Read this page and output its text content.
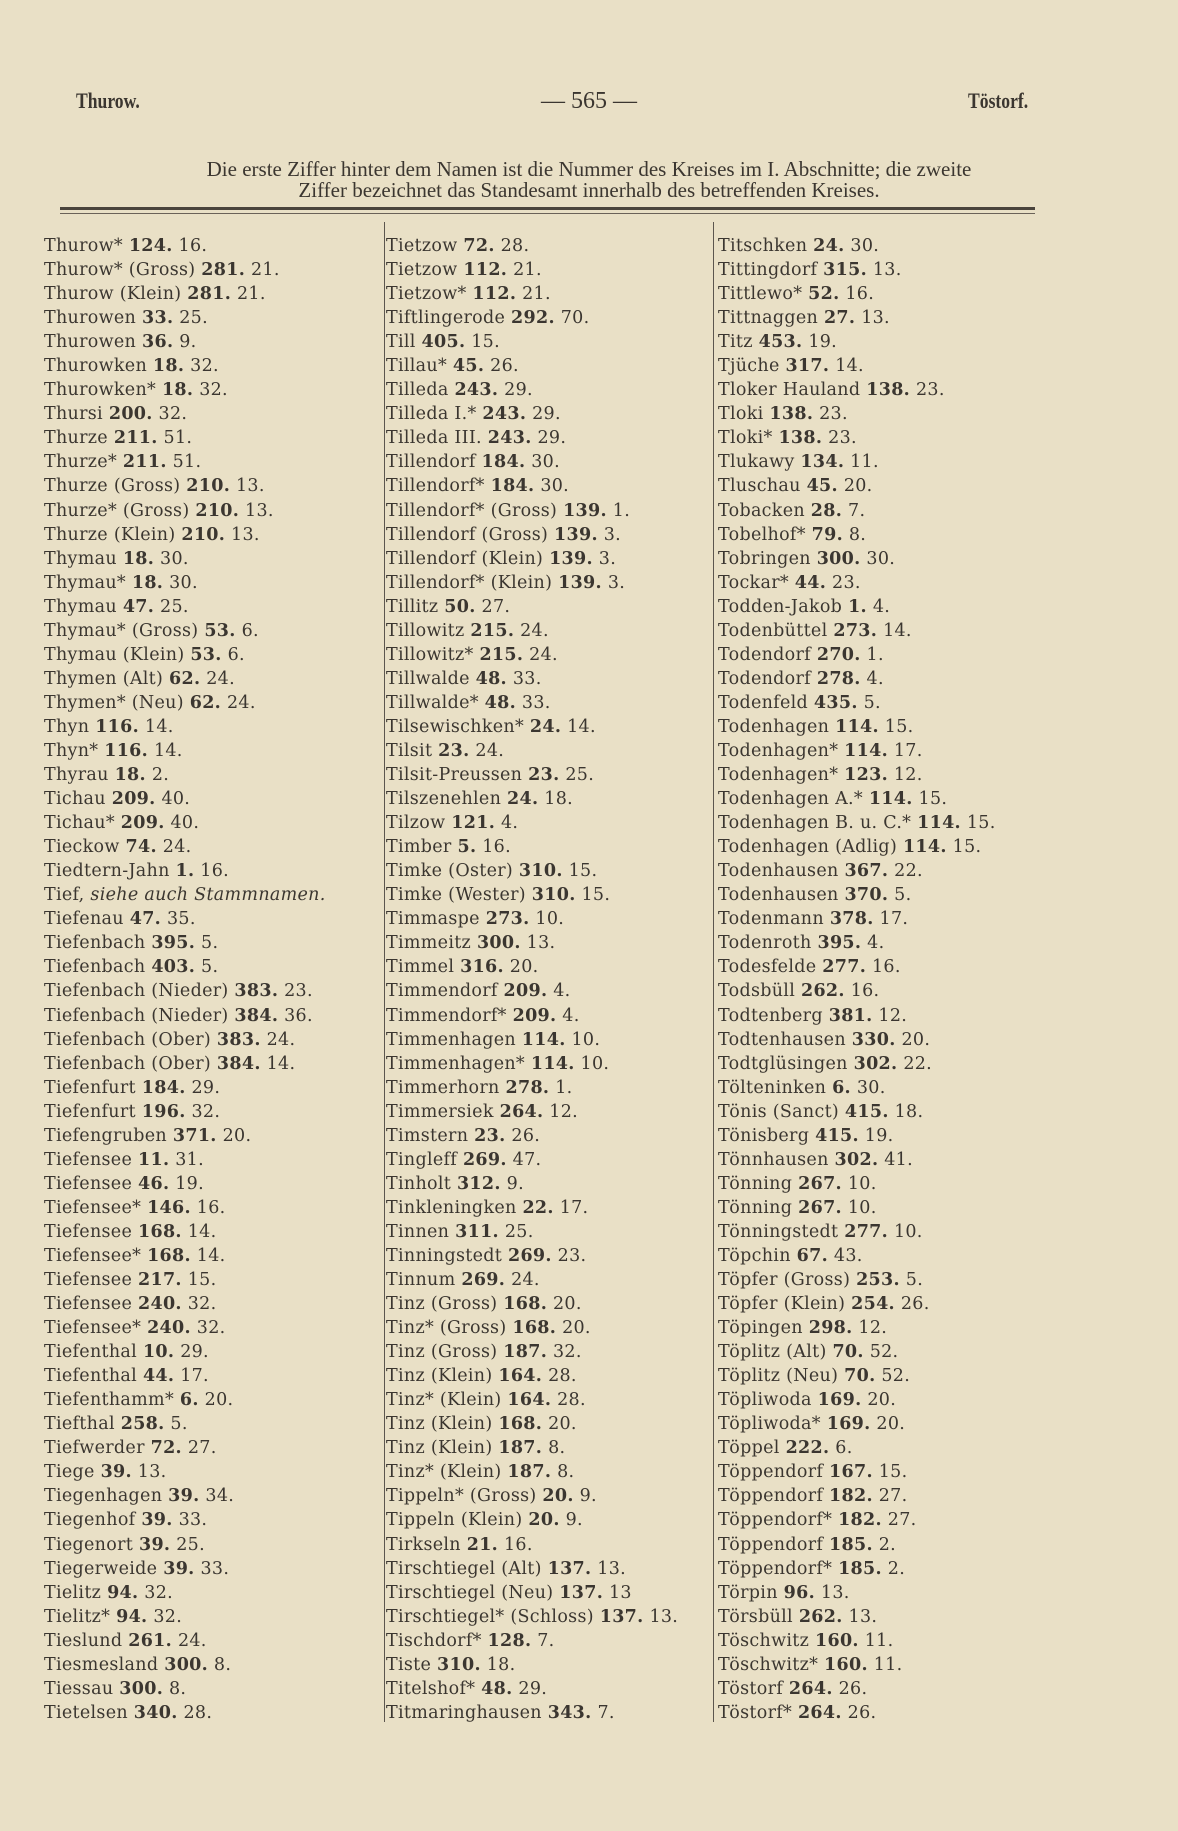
Thurow.	— 565 —	Töstorf.
Die erste Ziffer hinter dem Namen ist die Nummer des Kreises im I. Abschnitte; die zweite
Ziffer bezeichnet das Standesamt innerhalb des betreffenden Kreises.
Thurow* 124. 16.
Thurow* (Gross) 281. 21.
Thurow (Klein) 281. 21.
Thurowen 33. 25.
Thurowen 36. 9.
Thurowken 18. 32.
Thurowken* 18. 32.
Thursi 200. 32.
Thurze 211. 51.
Thurze* 211. 51.
Thurze (Gross) 210. 13.
Thurze* (Gross) 210. 13.
Thurze (Klein) 210. 13.
Thymau 18. 30.
Thymau* 18. 30.
Thymau 47. 25.
Thymau* (Gross) 53. 6.
Thymau (Klein) 53. 6.
Thymen (Alt) 62. 24.
Thymen* (Neu) 62. 24.
Thyn 116. 14.
Thyn* 116. 14.
Thyrau 18. 2.
Tichau 209. 40.
Tichau* 209. 40.
Tieckow 74. 24.
Tiedtern-Jahn 1. 16.
Tief, siehe auch Stammnamen.
Tiefenau 47. 35.
Tiefenbach 395. 5.
Tiefenbach 403. 5.
Tiefenbach (Nieder) 383. 23.
Tiefenbach (Nieder) 384. 36.
Tiefenbach (Ober) 383. 24.
Tiefenbach (Ober) 384. 14.
Tiefenfurt 184. 29.
Tiefenfurt 196. 32.
Tiefengruben 371. 20.
Tiefensee 11. 31.
Tiefensee 46. 19.
Tiefensee* 146. 16.
Tiefensee 168. 14.
Tiefensee* 168. 14.
Tiefensee 217. 15.
Tiefensee 240. 32.
Tiefensee* 240. 32.
Tiefenthal 10. 29.
Tiefenthal 44. 17.
Tiefenthamm* 6. 20.
Tiefthal 258. 5.
Tiefwerder 72. 27.
Tiege 39. 13.
Tiegenhagen 39. 34.
Tiegenhof 39. 33.
Tiegenort 39. 25.
Tiegerweide 39. 33.
Tielitz 94. 32.
Tielitz* 94. 32.
Tieslund 261. 24.
Tiesmesland 300. 8.
Tiessau 300. 8.
Tietelsen 340. 28.
Tietzow 72. 28.
Tietzow 112. 21.
Tietzow* 112. 21.
Tiftlingerode 292. 70.
Till 405. 15.
Tillau* 45. 26.
Tilleda 243. 29.
Tilleda I.* 243. 29.
Tilleda III. 243. 29.
Tillendorf 184. 30.
Tillendorf* 184. 30.
Tillendorf* (Gross) 139. 1.
Tillendorf (Gross) 139. 3.
Tillendorf (Klein) 139. 3.
Tillendorf* (Klein) 139. 3.
Tillitz 50. 27.
Tillowitz 215. 24.
Tillowitz* 215. 24.
Tillwalde 48. 33.
Tillwalde* 48. 33.
Tilsewischken* 24. 14.
Tilsit 23. 24.
Tilsit-Preussen 23. 25.
Tilszenehlen 24. 18.
Tilzow 121. 4.
Timber 5. 16.
Timke (Oster) 310. 15.
Timke (Wester) 310. 15.
Timmaspe 273. 10.
Timmeitz 300. 13.
Timmel 316. 20.
Timmendorf 209. 4.
Timmendorf* 209. 4.
Timmenhagen 114. 10.
Timmenhagen* 114. 10.
Timmerhorn 278. 1.
Timmersiek 264. 12.
Timstern 23. 26.
Tingleff 269. 47.
Tinholt 312. 9.
Tinkleningken 22. 17.
Tinnen 311. 25.
Tinningstedt 269. 23.
Tinnum 269. 24.
Tinz (Gross) 168. 20.
Tinz* (Gross) 168. 20.
Tinz (Gross) 187. 32.
Tinz (Klein) 164. 28.
Tinz* (Klein) 164. 28.
Tinz (Klein) 168. 20.
Tinz (Klein) 187. 8.
Tinz* (Klein) 187. 8.
Tippeln* (Gross) 20. 9.
Tippeln (Klein) 20. 9.
Tirkseln 21. 16.
Tirschtiegel (Alt) 137. 13.
Tirschtiegel (Neu) 137. 13
Tirschtiegel* (Schloss) 137. 13.
Tischdorf* 128. 7.
Tiste 310. 18.
Titelshof* 48. 29.
Titmaringhausen 343. 7.
Titschken 24. 30.
Tittingdorf 315. 13.
Tittlewo* 52. 16.
Tittnaggen 27. 13.
Titz 453. 19.
Tjüche 317. 14.
Tloker Hauland 138. 23.
Tloki 138. 23.
Tloki* 138. 23.
Tlukawy 134. 11.
Tluschau 45. 20.
Tobacken 28. 7.
Tobelhof* 79. 8.
Tobringen 300. 30.
Tockar* 44. 23.
Todden-Jakob 1. 4.
Todenbüttel 273. 14.
Todendorf 270. 1.
Todendorf 278. 4.
Todenfeld 435. 5.
Todenhagen 114. 15.
Todenhagen* 114. 17.
Todenhagen* 123. 12.
Todenhagen A.* 114. 15.
Todenhagen B. u. C.* 114. 15.
Todenhagen (Adlig) 114. 15.
Todenhausen 367. 22.
Todenhausen 370. 5.
Todenmann 378. 17.
Todenroth 395. 4.
Todesfelde 277. 16.
Todsbüll 262. 16.
Todtenberg 381. 12.
Todtenhausen 330. 20.
Todtglüsingen 302. 22.
Tölteninken 6. 30.
Tönis (Sanct) 415. 18.
Tönisberg 415. 19.
Tönnhausen 302. 41.
Tönning 267. 10.
Tönning 267. 10.
Tönningstedt 277. 10.
Töpchin 67. 43.
Töpfer (Gross) 253. 5.
Töpfer (Klein) 254. 26.
Töpingen 298. 12.
Töplitz (Alt) 70. 52.
Töplitz (Neu) 70. 52.
Töpliwoda 169. 20.
Töpliwoda* 169. 20.
Töppel 222. 6.
Töppendorf 167. 15.
Töppendorf 182. 27.
Töppendorf* 182. 27.
Töppendorf 185. 2.
Töppendorf* 185. 2.
Törpin 96. 13.
Törsbüll 262. 13.
Töschwitz 160. 11.
Töschwitz* 160. 11.
Töstorf 264. 26.
Töstorf* 264. 26.
